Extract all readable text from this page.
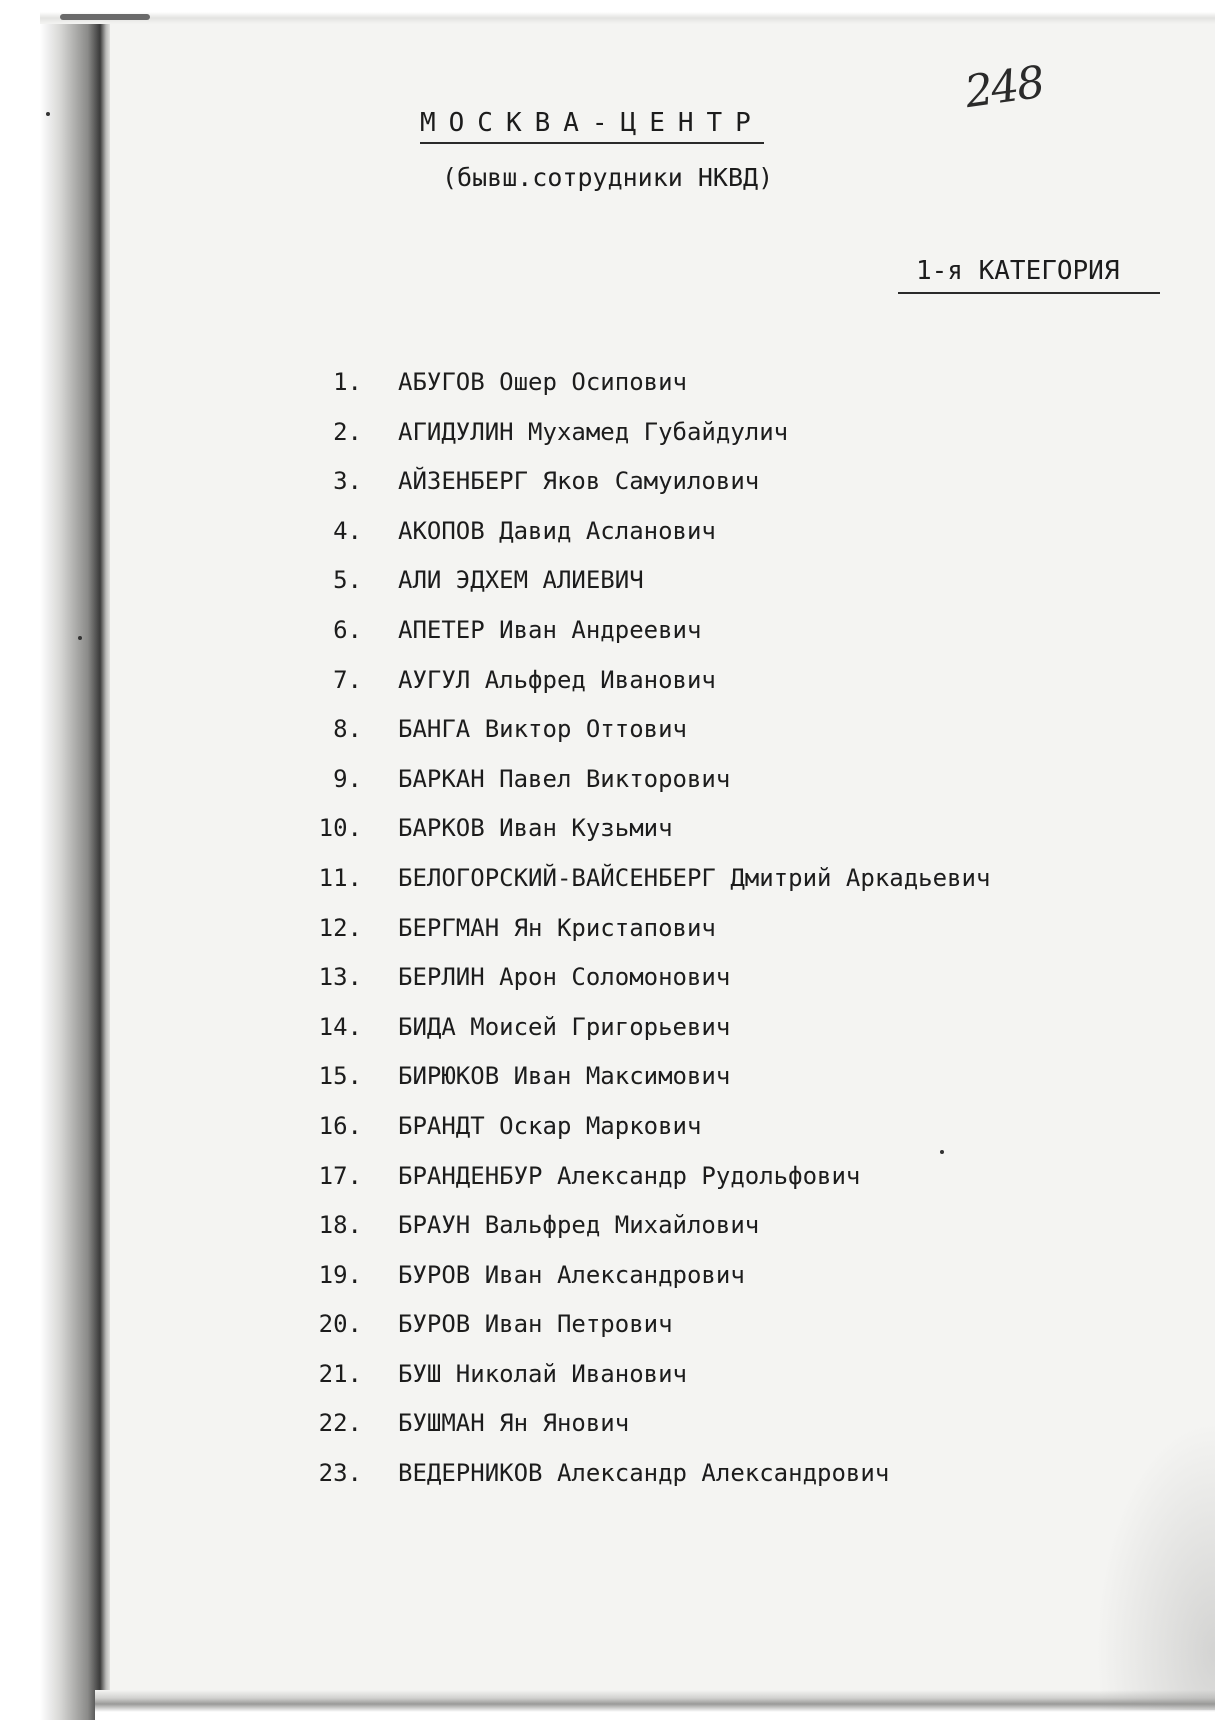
248
МОСКВА-ЦЕНТР
(бывш.сотрудники НКВД)
1-я КАТЕГОРИЯ
1. АБУГОВ Ошер Осипович
2. АГИДУЛИН Мухамед Губайдулич
3. АЙЗЕНБЕРГ Яков Самуилович
4. АКОПОВ Давид Асланович
5. АЛИ ЭДХЕМ АЛИЕВИЧ
6. АПЕТЕР Иван Андреевич
7. АУГУЛ Альфред Иванович
8. БАНГА Виктор Оттович
9. БАРКАН Павел Викторович
10. БАРКОВ Иван Кузьмич
11. БЕЛОГОРСКИЙ-ВАЙСЕНБЕРГ Дмитрий Аркадьевич
12. БЕРГМАН Ян Кристапович
13. БЕРЛИН Арон Соломонович
14. БИДА Моисей Григорьевич
15. БИРЮКОВ Иван Максимович
16. БРАНДТ Оскар Маркович
17. БРАНДЕНБУР Александр Рудольфович
18. БРАУН Вальфред Михайлович
19. БУРОВ Иван Александрович
20. БУРОВ Иван Петрович
21. БУШ Николай Иванович
22. БУШМАН Ян Янович
23. ВЕДЕРНИКОВ Александр Александрович
